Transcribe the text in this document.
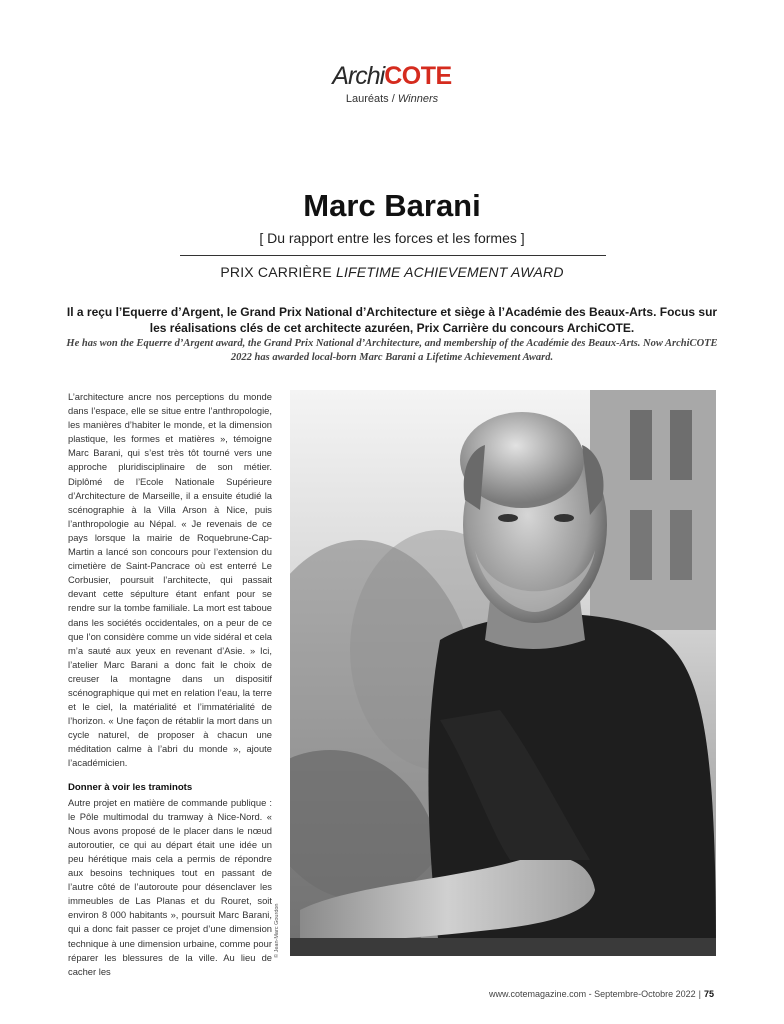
ArchiCOTE
Lauréats / Winners
Marc Barani
[ Du rapport entre les forces et les formes ]
PRIX CARRIÈRE LIFETIME ACHIEVEMENT AWARD
Il a reçu l’Equerre d’Argent, le Grand Prix National d’Architecture et siège à l’Académie des Beaux-Arts. Focus sur les réalisations clés de cet architecte azuréen, Prix Carrière du concours ArchiCOTE.
He has won the Equerre d’Argent award, the Grand Prix National d’Architecture, and membership of the Académie des Beaux-Arts. Now ArchiCOTE 2022 has awarded local-born Marc Barani a Lifetime Achievement Award.

L’architecture ancre nos perceptions du monde dans l’espace, elle se situe entre l’anthropologie, les manières d’habiter le monde, et la dimension plastique, les formes et matières », témoigne Marc Barani, qui s’est très tôt tourné vers une approche pluridisciplinaire de son métier. Diplômé de l’Ecole Nationale Supérieure d’Architecture de Marseille, il a ensuite étudié la scénographie à la Villa Arson à Nice, puis l’anthropologie au Népal. « Je revenais de ce pays lorsque la mairie de Roquebrune-Cap-Martin a lancé son concours pour l’extension du cimetière de Saint-Pancrace où est enterré Le Corbusier, poursuit l’architecte, qui passait devant cette sépulture étant enfant pour se rendre sur la tombe familiale. La mort est taboue dans les sociétés occidentales, on a peur de ce que l’on considère comme un vide sidéral et cela m’a sauté aux yeux en revenant d’Asie. » Ici, l’atelier Marc Barani a donc fait le choix de creuser la montagne dans un dispositif scénographique qui met en relation l’eau, la terre et le ciel, la matérialité et l’immatérialité de l’horizon. « Une façon de rétablir la mort dans un cycle naturel, de proposer à chacun une méditation calme à l’abri du monde », ajoute l’académicien.

Donner à voir les traminots

Autre projet en matière de commande publique : le Pôle multimodal du tramway à Nice-Nord. « Nous avons proposé de le placer dans le nœud autoroutier, ce qui au départ était une idée un peu hérétique mais cela a permis de répondre aux besoins techniques tout en passant de l’autre côté de l’autoroute pour désenclaver les immeubles de Las Planas et du Rouret, soit environ 8 000 habitants », poursuit Marc Barani, qui a donc fait passer ce projet d’une dimension technique à une dimension urbaine, comme pour réparer les blessures de la ville. Au lieu de cacher les

© Jean-Marc Gourdon
www.cotemagazine.com - Septembre-Octobre 2022 | 75
